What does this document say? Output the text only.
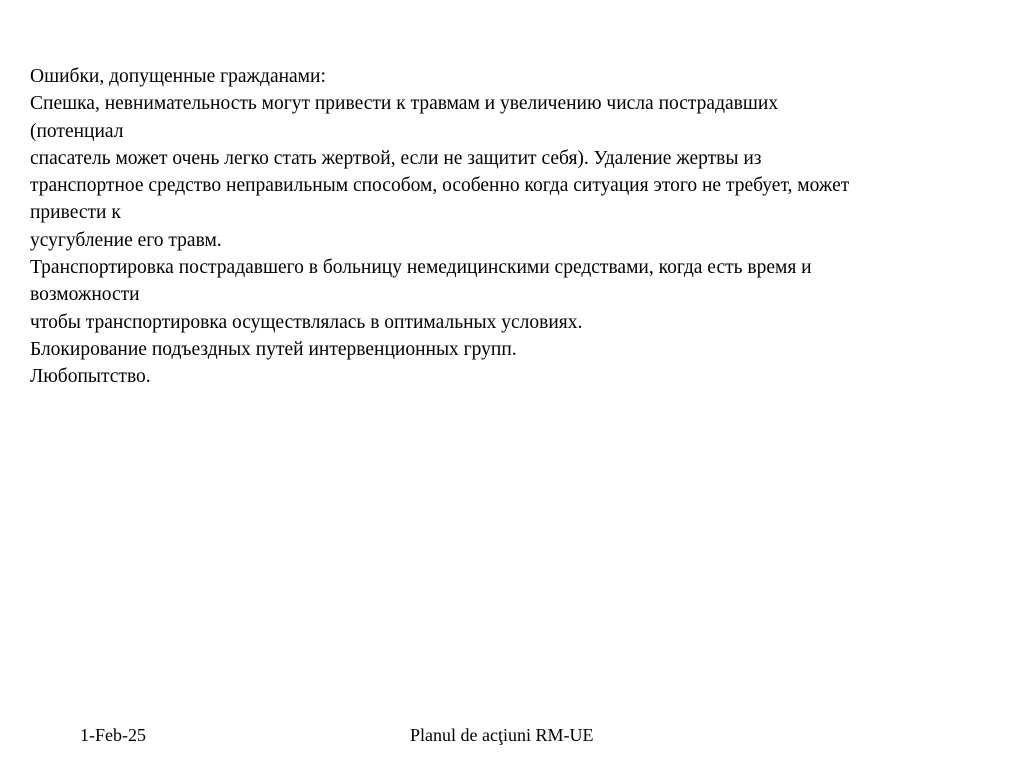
Ошибки, допущенные гражданами:
Спешка, невнимательность могут привести к травмам и увеличению числа пострадавших
(потенциал
спасатель может очень легко стать жертвой, если не защитит себя). Удаление жертвы из
транспортное средство неправильным способом, особенно когда ситуация этого не требует, может
привести к
усугубление его травм.
Транспортировка пострадавшего в больницу немедицинскими средствами, когда есть время и
возможности
чтобы транспортировка осуществлялась в оптимальных условиях.
Блокирование подъездных путей интервенционных групп.
Любопытство.
1-Feb-25	Planul de acţiuni RM-UE
